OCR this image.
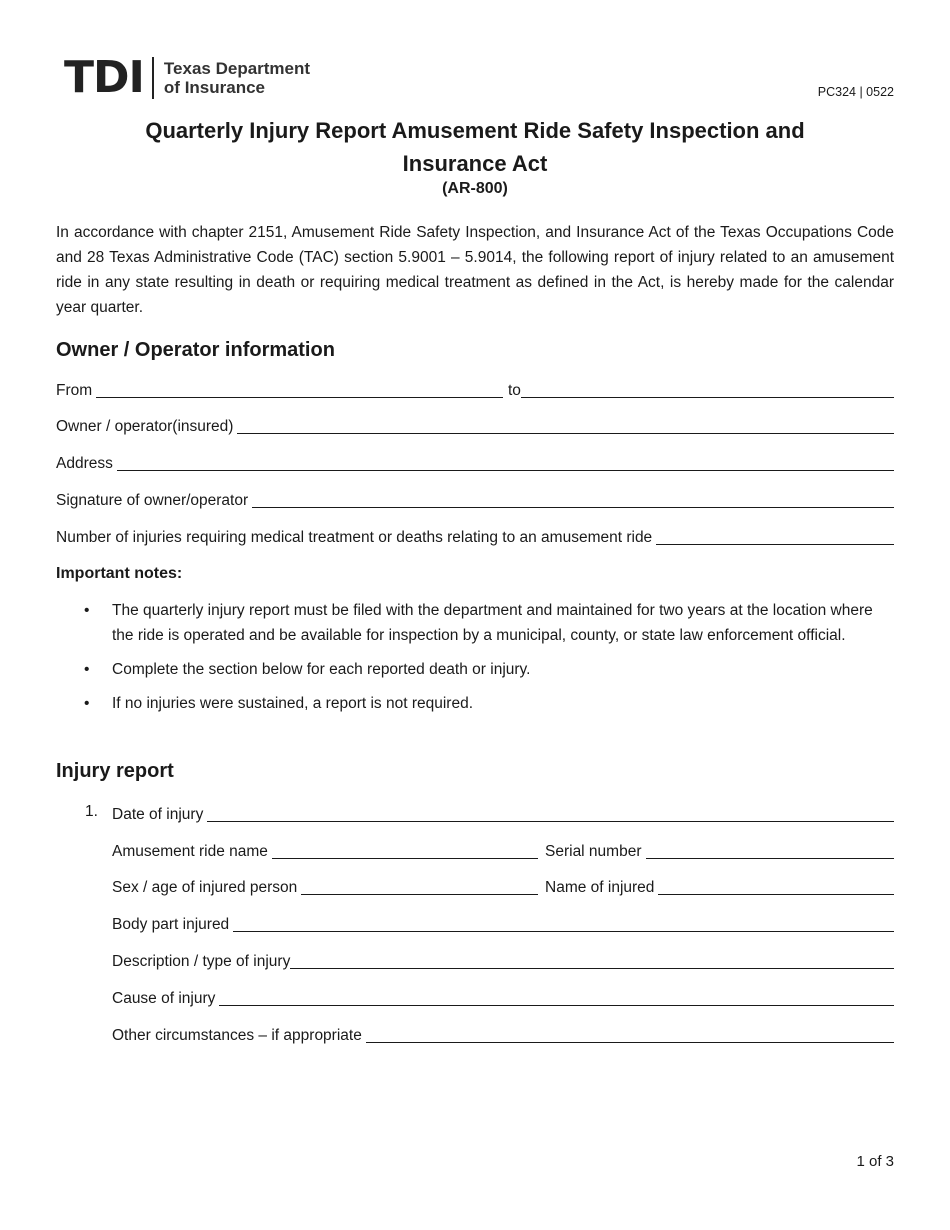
TDI Texas Department
of Insurance	PC324 | 0522
Quarterly Injury Report Amusement Ride Safety Inspection and Insurance Act
(AR-800)

In accordance with chapter 2151, Amusement Ride Safety Inspection, and Insurance Act of the Texas Occupations Code and 28 Texas Administrative Code (TAC) section 5.9001 – 5.9014, the following report of injury related to an amusement ride in any state resulting in death or requiring medical treatment as defined in the Act, is hereby made for the calendar year quarter.

Owner / Operator information
From	to
Owner / operator(insured)
Address
Signature of owner/operator
Number of injuries requiring medical treatment or deaths relating to an amusement ride
Important notes:
• The quarterly injury report must be filed with the department and maintained for two years at the location where the ride is operated and be available for inspection by a municipal, county, or state law enforcement official.
• Complete the section below for each reported death or injury.
• If no injuries were sustained, a report is not required.
Injury report
1. Date of injury
Amusement ride name	Serial number
Sex / age of injured person	Name of injured
Body part injured
Description / type of injury
Cause of injury
Other circumstances – if appropriate
1 of 3
